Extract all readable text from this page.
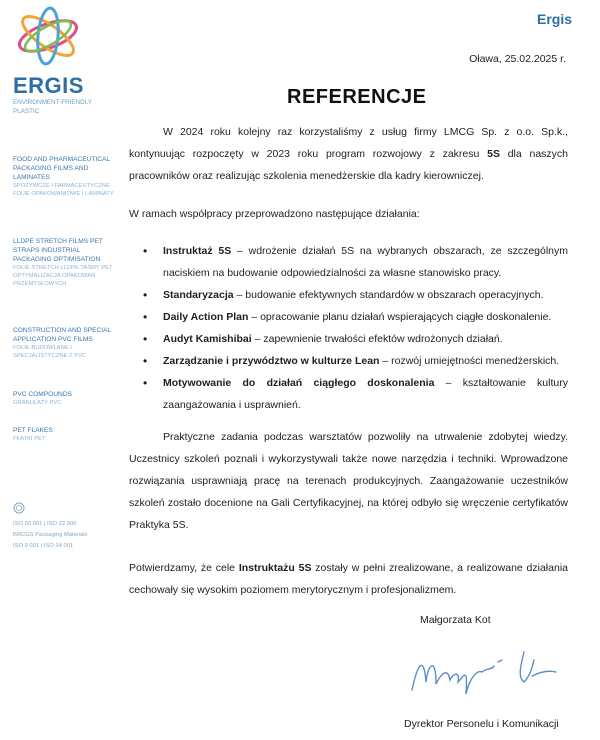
ERGIS
ENVIRONMENT-FRIENDLY PLASTIC
FOOD AND PHARMACEUTICAL PACKAGING FILMS AND LAMINATES
SPOŻYWCZE I FARMACEUTYCZNE FOLIE OPAKOWANIOWE I LAMINATY
LLDPE STRETCH FILMS PET STRAPS INDUSTRIAL PACKAGING OPTIMISATION
FOLIE STRETCH LLDPE TAŚMY PET OPTYMALIZACJA OPAKOWAŃ PRZEMYSŁOWYCH
CONSTRUCTION AND SPECIAL APPLICATION PVC FILMS
FOLIE BUDOWLANE I SPECJALISTYCZNE Z PVC
PVC COMPOUNDS
GRANULATY PVC
PET FLAKES
PŁATKI PET
ISO 50 001 | ISO 22 000
BRCGS Packaging Materials
ISO 9 001 | ISO 14 001
Ergis
Oława, 25.02.2025 r.
REFERENCJE

W 2024 roku kolejny raz korzystaliśmy z usług firmy LMCG Sp. z o.o. Sp.k., kontynuując rozpoczęty w 2023 roku program rozwojowy z zakresu 5S dla naszych pracowników oraz realizując szkolenia menedżerskie dla kadry kierowniczej.

W ramach współpracy przeprowadzono następujące działania:

• Instruktaż 5S – wdrożenie działań 5S na wybranych obszarach, ze szczególnym naciskiem na budowanie odpowiedzialności za własne stanowisko pracy.
• Standaryzacja – budowanie efektywnych standardów w obszarach operacyjnych.
• Daily Action Plan – opracowanie planu działań wspierających ciągłe doskonalenie.
• Audyt Kamishibai – zapewnienie trwałości efektów wdrożonych działań.
• Zarządzanie i przywództwo w kulturze Lean – rozwój umiejętności menedżerskich.
• Motywowanie do działań ciągłego doskonalenia – kształtowanie kultury zaangażowania i usprawnień.

Praktyczne zadania podczas warsztatów pozwoliły na utrwalenie zdobytej wiedzy. Uczestnicy szkoleń poznali i wykorzystywali także nowe narzędzia i techniki. Wprowadzone rozwiązania usprawniają pracę na terenach produkcyjnych. Zaangażowanie uczestników szkoleń zostało docenione na Gali Certyfikacyjnej, na której odbyło się wręczenie certyfikatów Praktyka 5S.

Potwierdzamy, że cele Instruktażu 5S zostały w pełni zrealizowane, a realizowane działania cechowały się wysokim poziomem merytorycznym i profesjonalizmem.

Małgorzata Kot
Dyrektor Personelu i Komunikacji
